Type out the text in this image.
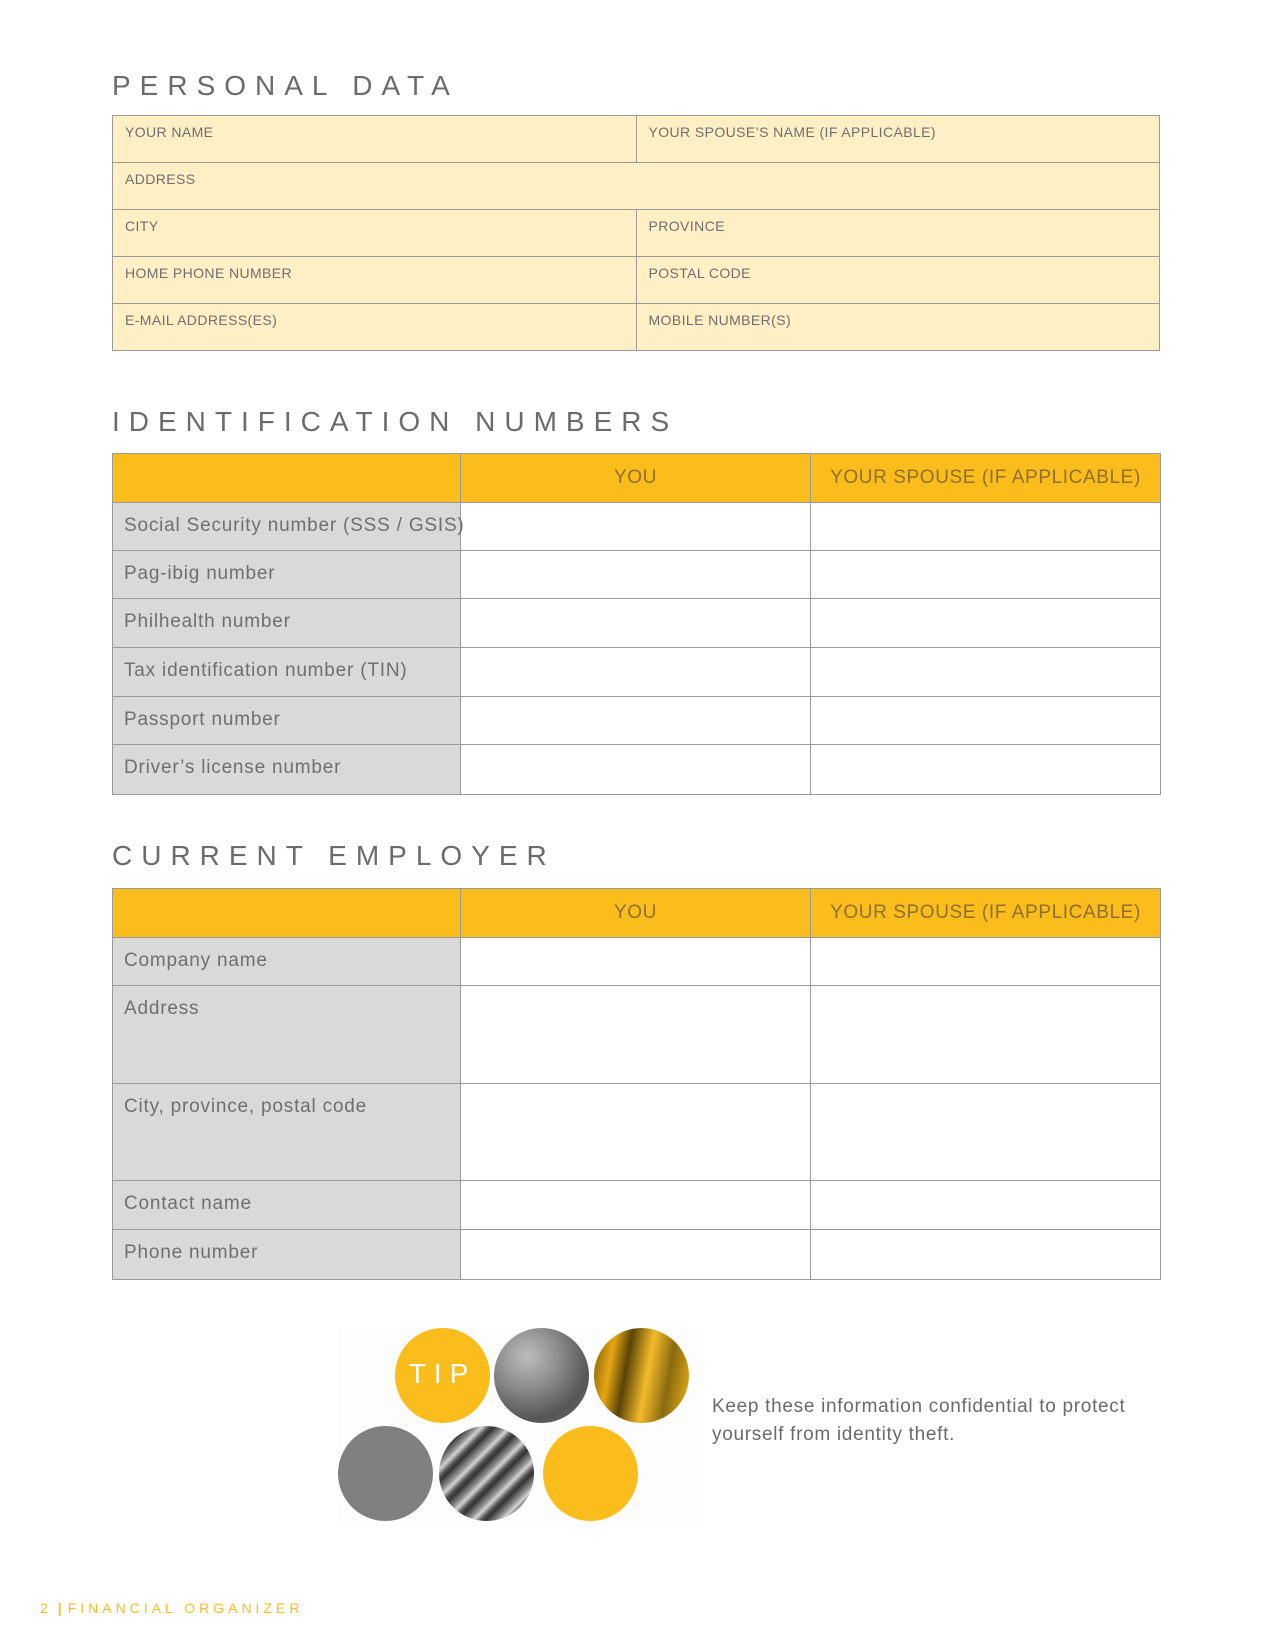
PERSONAL DATA
YOUR NAME	YOUR SPOUSE’S NAME (IF APPLICABLE)
ADDRESS	
CITY	PROVINCE
HOME PHONE NUMBER	POSTAL CODE
E-MAIL ADDRESS(ES)	MOBILE NUMBER(S)
IDENTIFICATION NUMBERS
	YOU	YOUR SPOUSE (IF APPLICABLE)
Social Security number (SSS / GSIS)		
Pag-ibig number		
Philhealth number		
Tax identification number (TIN)		
Passport number		
Driver’s license number		
CURRENT EMPLOYER
	YOU	YOUR SPOUSE (IF APPLICABLE)
Company name		
Address		
City, province, postal code		
Contact name		
Phone number		
TIP
Keep these information confidential to protect yourself from identity theft.
2 | FINANCIAL ORGANIZER
